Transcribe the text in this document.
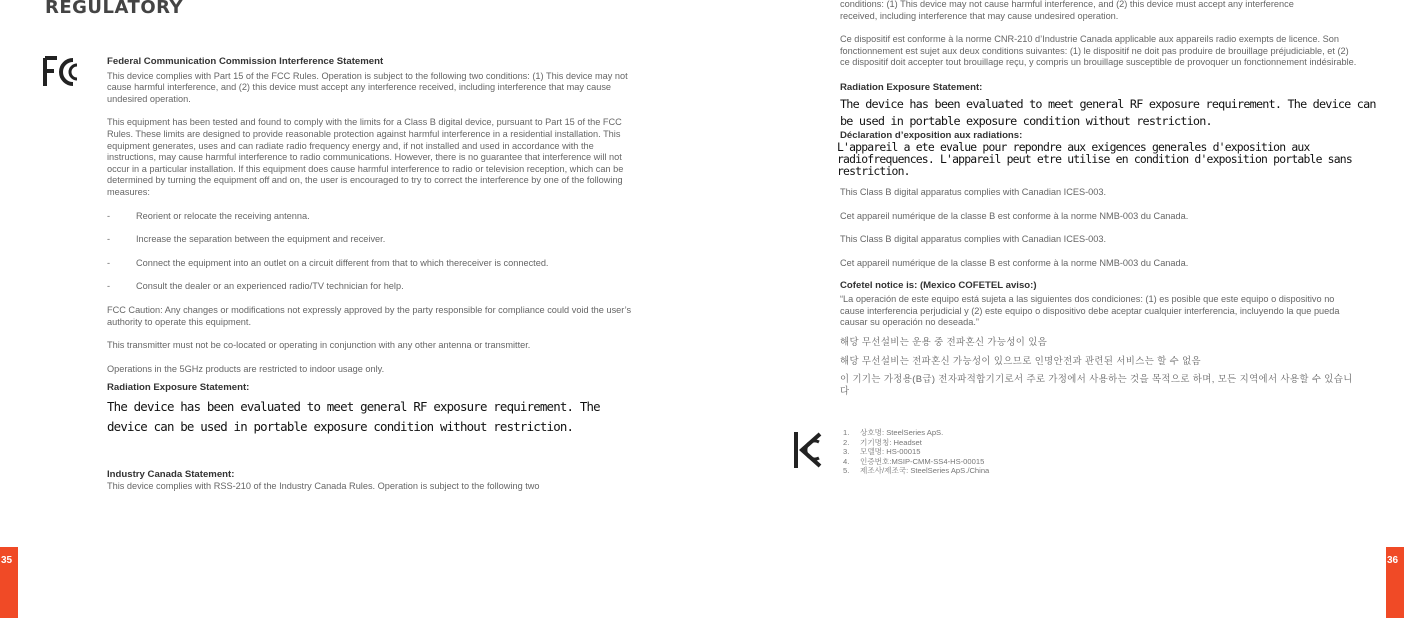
REGULATORY

Federal Communication Commission Interference Statement

This device complies with Part 15 of the FCC Rules. Operation is subject to the following two conditions: (1) This device may not cause harmful interference, and (2) this device must accept any interference received, including interference that may cause undesired operation.

This equipment has been tested and found to comply with the limits for a Class B digital device, pursuant to Part 15 of the FCC Rules. These limits are designed to provide reasonable protection against harmful interference in a residential installation. This equipment generates, uses and can radiate radio frequency energy and, if not installed and used in accordance with the instructions, may cause harmful interference to radio communications. However, there is no guarantee that interference will not occur in a particular installation. If this equipment does cause harmful interference to radio or television reception, which can be determined by turning the equipment off and on, the user is encouraged to try to correct the interference by one of the following measures:

-	Reorient or relocate the receiving antenna.
-	Increase the separation between the equipment and receiver.
-	Connect the equipment into an outlet on a circuit different from that to which thereceiver is connected.
-	Consult the dealer or an experienced radio/TV technician for help.

FCC Caution: Any changes or modifications not expressly approved by the party responsible for compliance could void the user’s authority to operate this equipment.

This transmitter must not be co-located or operating in conjunction with any other antenna or transmitter.

Operations in the 5GHz products are restricted to indoor usage only.

Radiation Exposure Statement:

The device has been evaluated to meet general RF exposure requirement. The device can be used in portable exposure condition without restriction.

Industry Canada Statement:

This device complies with RSS-210 of the Industry Canada Rules. Operation is subject to the following two

conditions: (1) This device may not cause harmful interference, and (2) this device must accept any interference received, including interference that may cause undesired operation.

Ce dispositif est conforme à la norme CNR-210 d’Industrie Canada applicable aux appareils radio exempts de licence. Son fonctionnement est sujet aux deux conditions suivantes: (1) le dispositif ne doit pas produire de brouillage préjudiciable, et (2) ce dispositif doit accepter tout brouillage reçu, y compris un brouillage susceptible de provoquer un fonctionnement indésirable.

Radiation Exposure Statement:

The device has been evaluated to meet general RF exposure requirement. The device can be used in portable exposure condition without restriction.

Déclaration d’exposition aux radiations:

L'appareil a ete evalue pour repondre aux exigences generales d'exposition aux radiofrequences. L'appareil peut etre utilise en condition d'exposition portable sans restriction.

This Class B digital apparatus complies with Canadian ICES-003.

Cet appareil numérique de la classe B est conforme à la norme NMB-003 du Canada.

This Class B digital apparatus complies with Canadian ICES-003.

Cet appareil numérique de la classe B est conforme à la norme NMB-003 du Canada.

Cofetel notice is: (Mexico COFETEL aviso:)

“La operación de este equipo está sujeta a las siguientes dos condiciones: (1) es posible que este equipo o dispositivo no cause interferencia perjudicial y (2) este equipo o dispositivo debe aceptar cualquier interferencia, incluyendo la que pueda causar su operación no deseada.”

해당 무선설비는 운용 중 전파혼신 가능성이 있음

해당 무선설비는 전파혼신 가능성이 있으므로 인명안전과 관련된 서비스는 할 수 없음

이 기기는 가정용(B급) 전자파적합기기로서 주로 가정에서 사용하는 것을 목적으로 하며, 모든 지역에서 사용할 수 있습니다

1. 상호명: SteelSeries ApS.
2. 기기명칭: Headset
3. 모델명: HS-00015
4. 인증번호:MSIP-CMM-SS4-HS-00015
5. 제조사/제조국: SteelSeries ApS./China
35	36
